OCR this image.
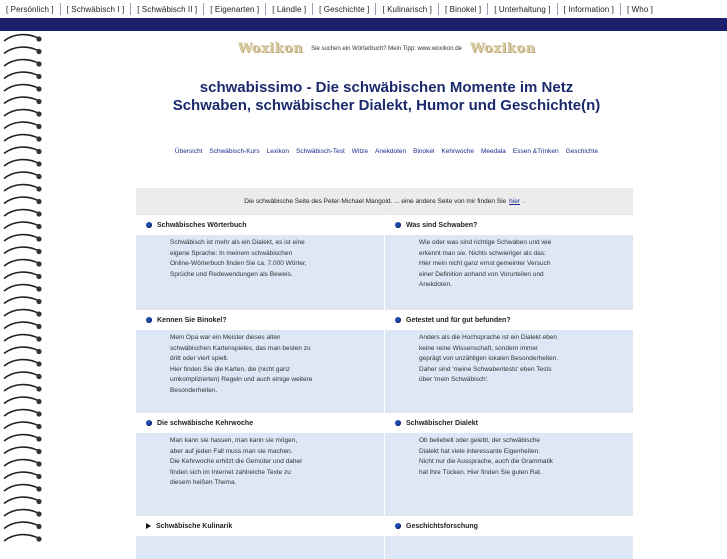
[ Persönlich ]	[ Schwäbisch I ]	[ Schwäbisch II ]	[ Eigenarten ]	[ Ländle ]	[ Geschichte ]	[ Kulinarisch ]	[ Binokel ]	[ Unterhaltung ]	[ Information ]	[ Who ]
Woxikon Sie suchen ein Wörterbuch? Mein Tipp: www.woxikon.de Woxikon
schwabissimo - Die schwäbischen Momente im Netz
Schwaben, schwäbischer Dialekt, Humor und Geschichte(n)
Übersicht Schwäbisch-Kurs Lexikon Schwäbisch-Test Witze Anekdoten Binokel Kehrwoche Meedala Essen &Trinken Geschichte
Die schwäbische Seite des Peter-Michael Mangold. ... eine andere Seite von mir finden Sie hier .
Schwäbisches Wörterbuch	Was sind Schwaben?
Schwäbisch ist mehr als ein Dialekt, es ist eine
eigene Sprache: In meinem schwäbischen
Online-Wörterbuch finden Sie ca. 7.000 Wörter,
Sprüche und Redewendungen als Beweis.
Wie oder was sind richtige Schwaben und wie
erkennt man sie. Nichts schwieriger als das:
Hier mein nicht ganz ernst gemeinter Versuch
einer Definition anhand von Vorurteilen und
Anekdoten.
Kennen Sie Binokel?	Getestet und für gut befunden?
Mein Opa war ein Meister dieses alten
schwäbischen Kartenspieles, das man besten zu
dritt oder viert spielt.
Hier finden Sie die Karten, die (nicht ganz
umkomplizierten) Regeln und auch einige weitere
Besonderheiten.
Anders als die Hochsprache ist ein Dialekt eben
keine reine Wissenschaft, sondern immer
geprägt von unzähligen lokalen Besonderheiten.
Daher sind 'meine Schwabentests' eben Tests
über 'mein Schwäbisch'.
Die schwäbische Kehrwoche	Schwäbischer Dialekt
Man kann sie hassen, man kann sie mögen,
aber auf jeden Fall muss man sie machen.
Die Kehrwoche erhitzt die Gemüter und daher
finden sich im Internet zahlreiche Texte zu
diesem heißen Thema.
Ob beliebelt oder gelebt, der schwäbische
Dialekt hat viele interessante Eigenheiten.
Nicht nur die Aussprache, auch die Grammatik
hat ihre Tücken. Hier finden Sie guten Rat.
Schwäbische Kulinarik	Geschichtsforschung
